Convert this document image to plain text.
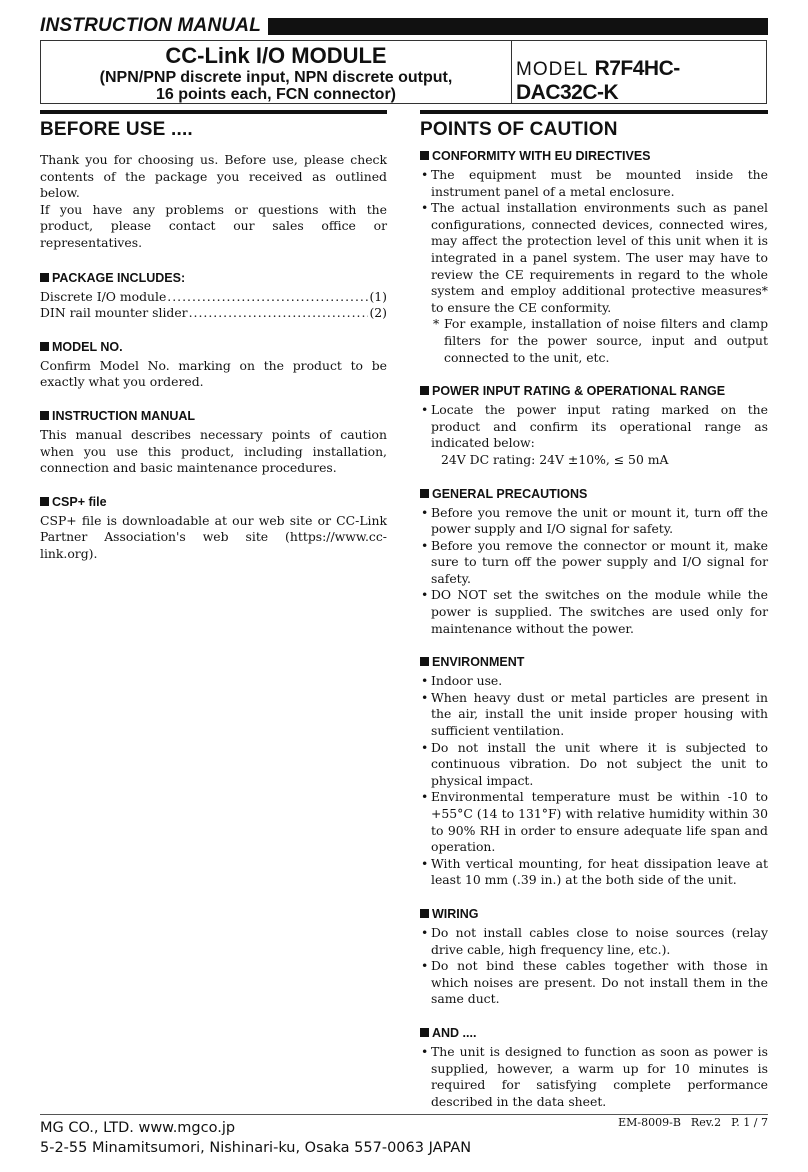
INSTRUCTION MANUAL
CC-Link I/O MODULE
(NPN/PNP discrete input, NPN discrete output,
16 points each, FCN connector)
MODEL R7F4HC-DAC32C-K
BEFORE USE ....

Thank you for choosing us. Before use, please check contents of the package you received as outlined below.

If you have any problems or questions with the product, please contact our sales office or representatives.

PACKAGE INCLUDES:
Discrete I/O module .....	(1)
DIN rail mounter slider .....	(2)
MODEL NO.

Confirm Model No. marking on the product to be exactly what you ordered.

INSTRUCTION MANUAL

This manual describes necessary points of caution when you use this product, including installation, connection and basic maintenance procedures.

CSP+ file

CSP+ file is downloadable at our web site or CC-Link Partner Association's web site (https://www.cc-link.org).

POINTS OF CAUTION
CONFORMITY WITH EU DIRECTIVES
• The equipment must be mounted inside the instrument panel of a metal enclosure.
• The actual installation environments such as panel configurations, connected devices, connected wires, may affect the protection level of this unit when it is integrated in a panel system. The user may have to review the CE requirements in regard to the whole system and employ additional protective measures* to ensure the CE conformity.
* For example, installation of noise filters and clamp filters for the power source, input and output connected to the unit, etc.
POWER INPUT RATING & OPERATIONAL RANGE
• Locate the power input rating marked on the product and confirm its operational range as indicated below:
24V DC rating: 24V ±10%, ≤ 50 mA
GENERAL PRECAUTIONS
• Before you remove the unit or mount it, turn off the power supply and I/O signal for safety.
• Before you remove the connector or mount it, make sure to turn off the power supply and I/O signal for safety.
• DO NOT set the switches on the module while the power is supplied. The switches are used only for maintenance without the power.
ENVIRONMENT
• Indoor use.
• When heavy dust or metal particles are present in the air, install the unit inside proper housing with sufficient ventilation.
• Do not install the unit where it is subjected to continuous vibration. Do not subject the unit to physical impact.
• Environmental temperature must be within -10 to +55°C (14 to 131°F) with relative humidity within 30 to 90% RH in order to ensure adequate life span and operation.
• With vertical mounting, for heat dissipation leave at least 10 mm (.39 in.) at the both side of the unit.
WIRING
• Do not install cables close to noise sources (relay drive cable, high frequency line, etc.).
• Do not bind these cables together with those in which noises are present. Do not install them in the same duct.
AND ....
• The unit is designed to function as soon as power is supplied, however, a warm up for 10 minutes is required for satisfying complete performance described in the data sheet.
MG CO., LTD. www.mgco.jp
5-2-55 Minamitsumori, Nishinari-ku, Osaka 557-0063 JAPAN
EM-8009-B Rev.2 P. 1 / 7
